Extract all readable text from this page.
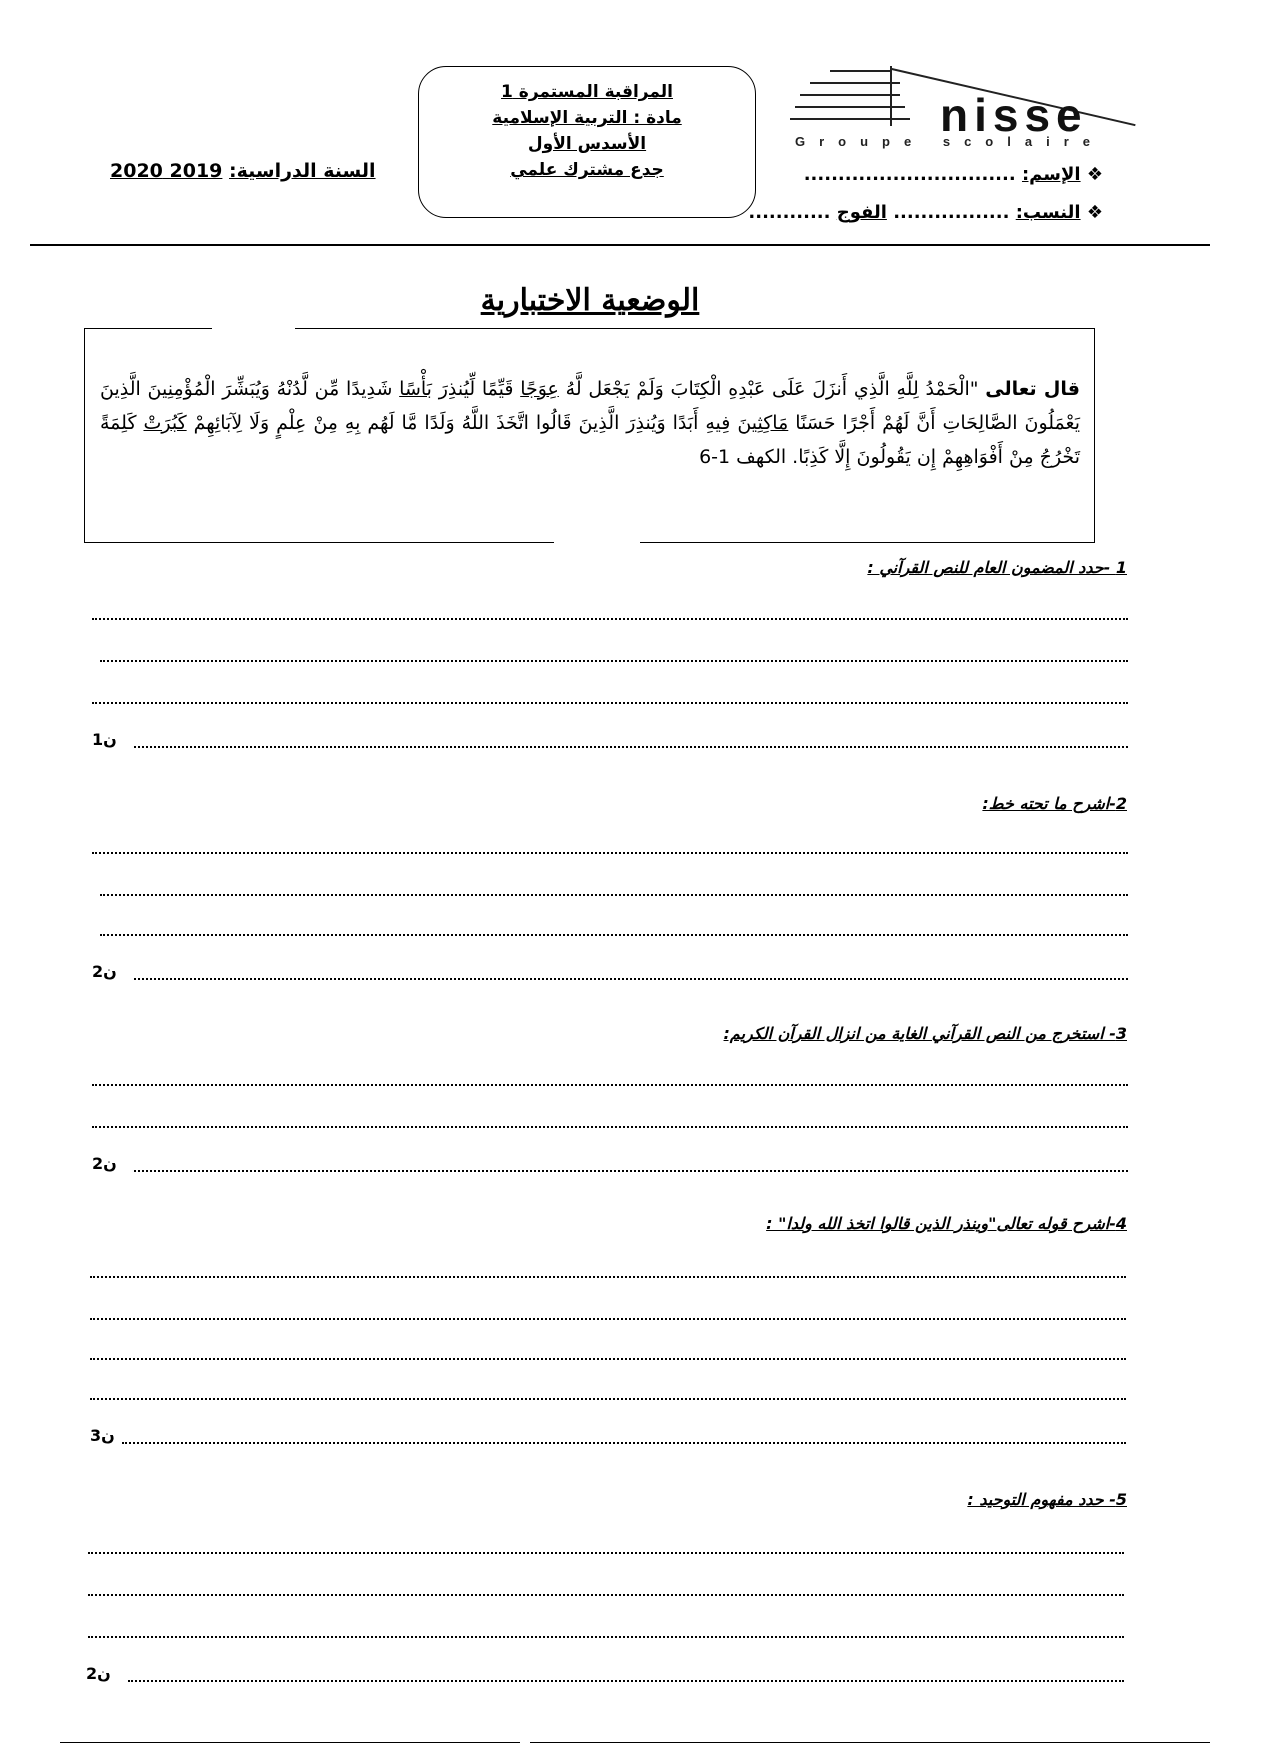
nisse
Groupe scolaire
المراقبة المستمرة 1
مادة : التربية الإسلامية
الأسدس الأول
جدع مشترك علمي	❖ الإسم: ...............................
❖ النسب: ................. الفوج ............
السنة الدراسية: 2019 2020
الوضعية الاختبارية
قال تعالى "الْحَمْدُ لِلَّهِ الَّذِي أَنزَلَ عَلَى عَبْدِهِ الْكِتَابَ وَلَمْ يَجْعَل لَّهُ عِوَجًا قَيِّمًا لِّيُنذِرَ بَأْسًا شَدِيدًا مِّن لَّدُنْهُ وَيُبَشِّرَ الْمُؤْمِنِينَ الَّذِينَ يَعْمَلُونَ الصَّالِحَاتِ أَنَّ لَهُمْ أَجْرًا حَسَنًا مَاكِثِينَ فِيهِ أَبَدًا وَيُنذِرَ الَّذِينَ قَالُوا اتَّخَذَ اللَّهُ وَلَدًا مَّا لَهُم بِهِ مِنْ عِلْمٍ وَلَا لِآبَائِهِمْ كَبُرَتْ كَلِمَةً تَخْرُجُ مِنْ أَفْوَاهِهِمْ إِن يَقُولُونَ إِلَّا كَذِبًا. الكهف 1-6
1 -حدد المضمون العام للنص القرآني :
1ن
2-اشرح ما تحته خط:
2ن
3- استخرج من النص القرآني الغاية من انزال القرآن الكريم:
2ن
4-اشرح قوله تعالى"وينذر الذين قالوا اتخذ الله ولدا" :
3ن
5- حدد مفهوم التوحيد :
2ن
